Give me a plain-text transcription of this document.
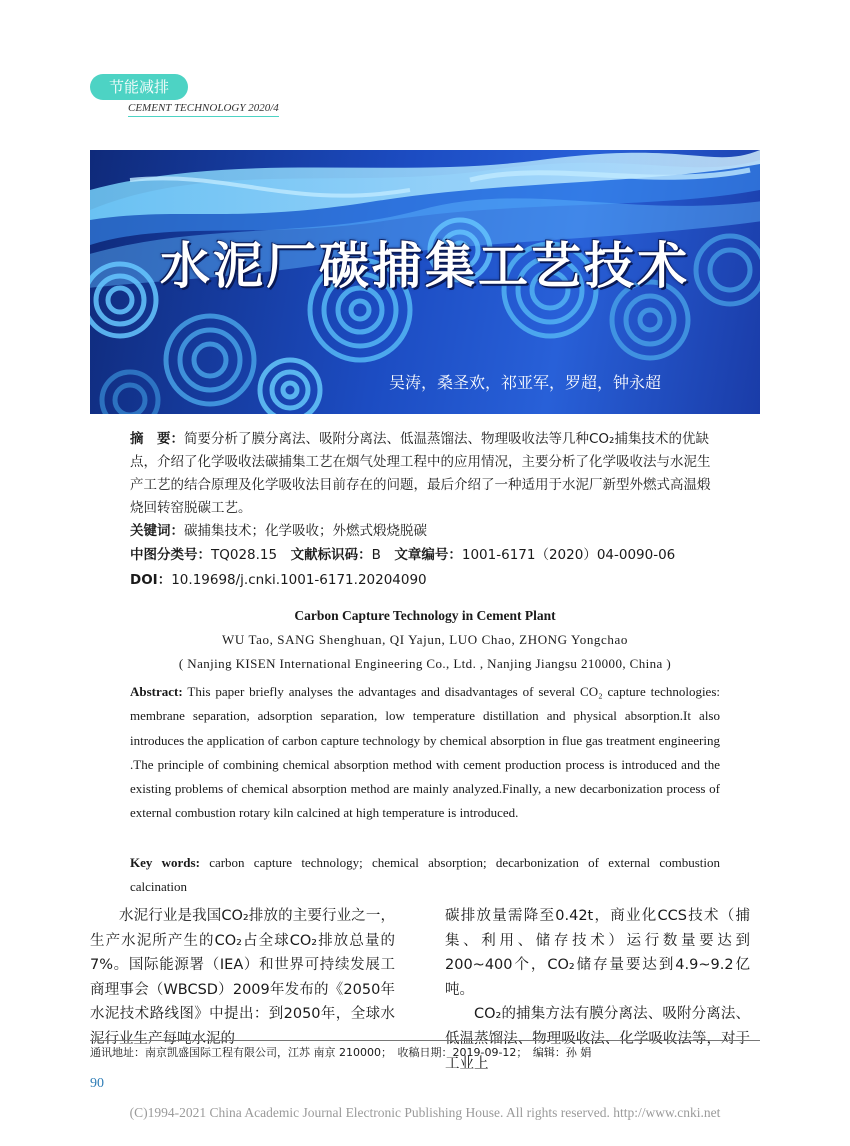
节能减排
CEMENT TECHNOLOGY 2020/4
水泥厂碳捕集工艺技术
吴涛，桑圣欢，祁亚军，罗超，钟永超
摘　要：简要分析了膜分离法、吸附分离法、低温蒸馏法、物理吸收法等几种CO₂捕集技术的优缺点，介绍了化学吸收法碳捕集工艺在烟气处理工程中的应用情况，主要分析了化学吸收法与水泥生产工艺的结合原理及化学吸收法目前存在的问题，最后介绍了一种适用于水泥厂新型外燃式高温煅烧回转窑脱碳工艺。
关键词：碳捕集技术；化学吸收；外燃式煅烧脱碳
中图分类号：TQ028.15　 文献标识码：B　 文章编号：1001-6171（2020）04-0090-06
DOI：10.19698/j.cnki.1001-6171.20204090
Carbon Capture Technology in Cement Plant
WU Tao, SANG Shenghuan, QI Yajun, LUO Chao, ZHONG Yongchao
( Nanjing KISEN International Engineering Co., Ltd. , Nanjing Jiangsu 210000, China )
Abstract: This paper briefly analyses the advantages and disadvantages of several CO₂ capture technologies: membrane separation, adsorption separation, low temperature distillation and physical absorption.It also introduces the application of carbon capture technology by chemical absorption in flue gas treatment engineering .The principle of combining chemical absorption method with cement production process is introduced and the existing problems of chemical absorption method are mainly analyzed.Finally, a new decarbonization process of external combustion rotary kiln calcined at high temperature is introduced.
Key words: carbon capture technology; chemical absorption; decarbonization of external combustion calcination

水泥行业是我国CO₂排放的主要行业之一，生产水泥所产生的CO₂占全球CO₂排放总量的7%。国际能源署（IEA）和世界可持续发展工商理事会（WBCSD）2009年发布的《2050年水泥技术路线图》中提出：到2050年，全球水泥行业生产每吨水泥的

碳排放量需降至0.42t，商业化CCS技术（捕集、利用、储存技术）运行数量要达到200~400个，CO₂储存量要达到4.9~9.2亿吨。

CO₂的捕集方法有膜分离法、吸附分离法、低温蒸馏法、物理吸收法、化学吸收法等，对于工业上

通讯地址：南京凯盛国际工程有限公司，江苏 南京 210000；　收稿日期：2019-09-12；　编辑：孙 娟
90
(C)1994-2021 China Academic Journal Electronic Publishing House. All rights reserved. http://www.cnki.net
